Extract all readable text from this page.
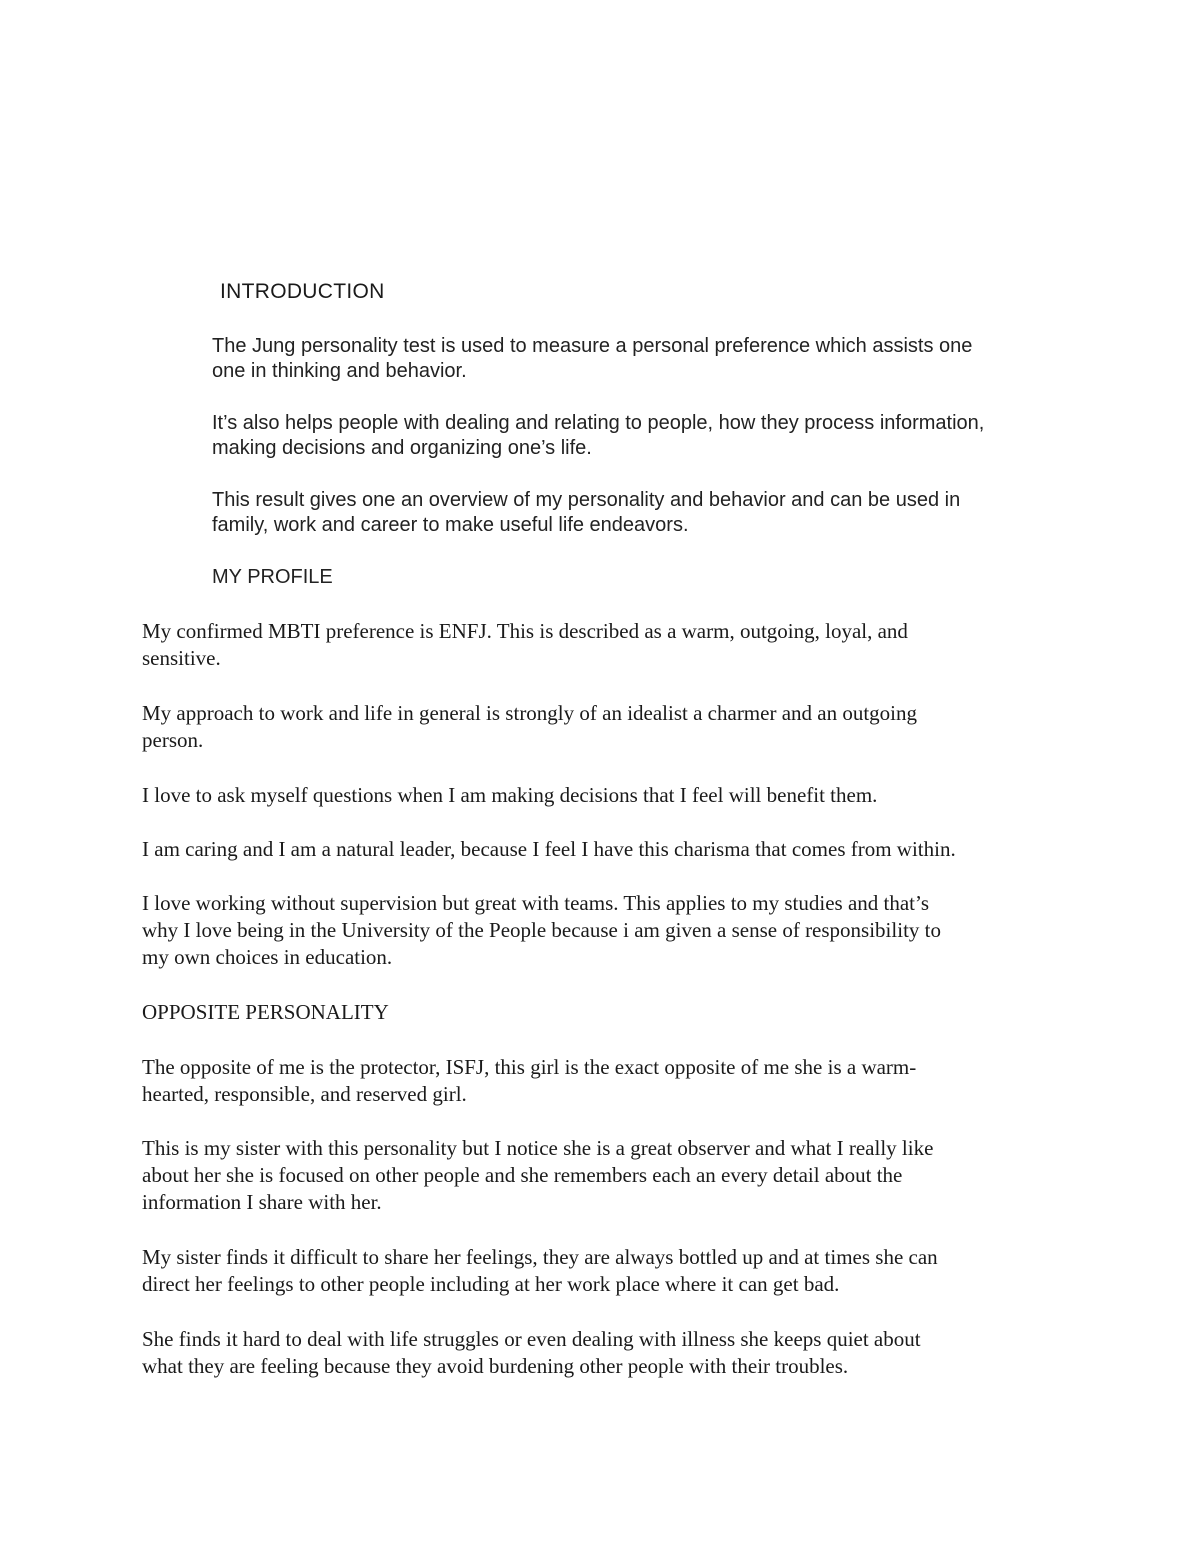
INTRODUCTION
The Jung personality test is used to measure a personal preference which assists one
one in thinking and behavior.
It’s also helps people with dealing and relating to people, how they process information,
making decisions and organizing one’s life.
This result gives one an overview of my personality and behavior and can be used in
family, work and career to make useful life endeavors.
MY PROFILE
My confirmed MBTI preference is ENFJ. This is described as a warm, outgoing, loyal, and
sensitive.
My approach to work and life in general is strongly of an idealist a charmer and an outgoing
person.
I love to ask myself questions when I am making decisions that I feel will benefit them.
I am caring and I am a natural leader, because I feel I have this charisma that comes from within.
I love working without supervision but great with teams. This applies to my studies and that’s
why I love being in the University of the People because i am given a sense of responsibility to
my own choices in education.
OPPOSITE PERSONALITY
The opposite of me is the protector, ISFJ, this girl is the exact opposite of me she is a warm-
hearted, responsible, and reserved girl.
This is my sister with this personality but I notice she is a great observer and what I really like
about her she is focused on other people and she remembers each an every detail about the
information I share with her.
My sister finds it difficult to share her feelings, they are always bottled up and at times she can
direct her feelings to other people including at her work place where it can get bad.
She finds it hard to deal with life struggles or even dealing with illness she keeps quiet about
what they are feeling because they avoid burdening other people with their troubles.
